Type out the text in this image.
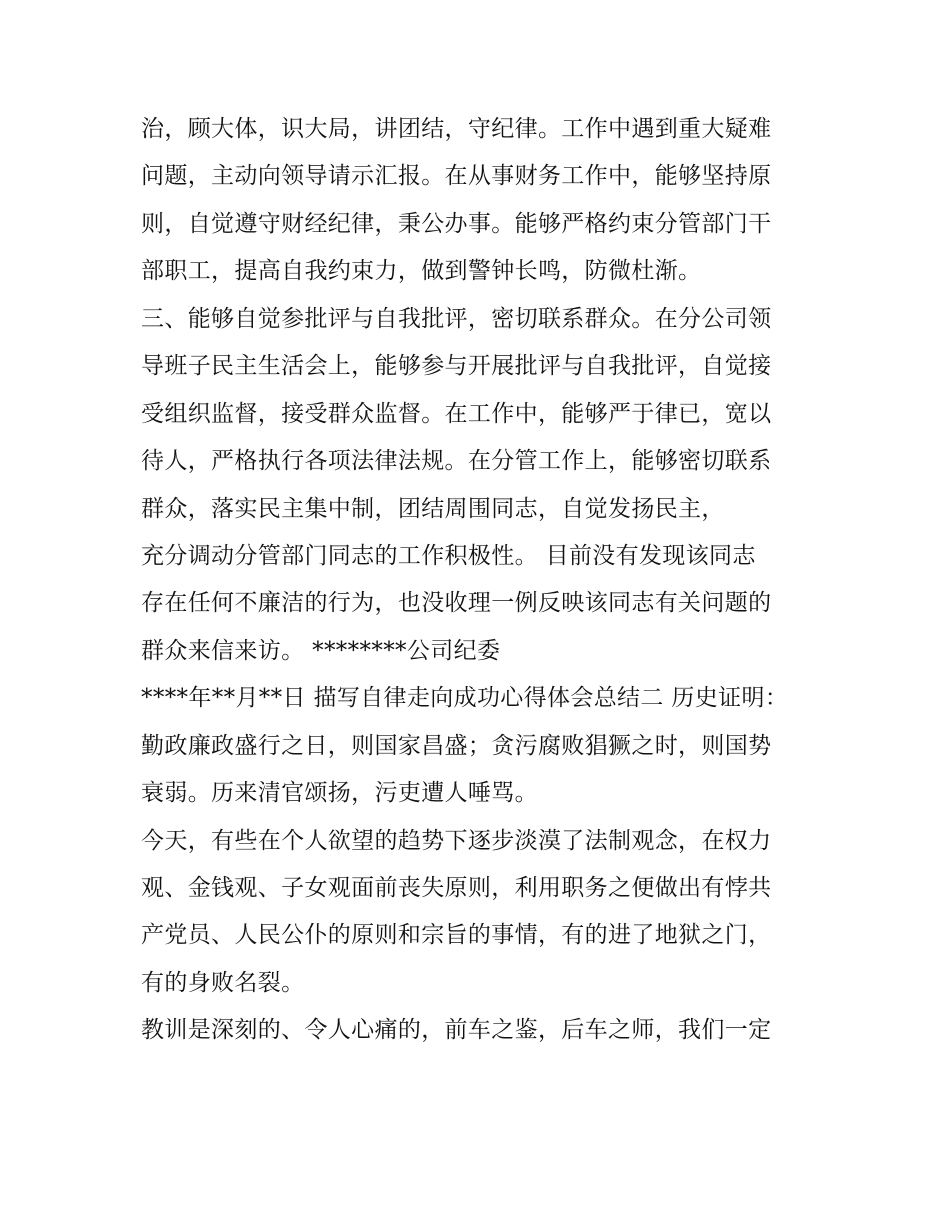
治，顾大体，识大局，讲团结，守纪律。工作中遇到重大疑难
问题，主动向领导请示汇报。在从事财务工作中，能够坚持原
则，自觉遵守财经纪律，秉公办事。能够严格约束分管部门干
部职工，提高自我约束力，做到警钟长鸣，防微杜渐。
三、能够自觉参批评与自我批评，密切联系群众。在分公司领
导班子民主生活会上，能够参与开展批评与自我批评，自觉接
受组织监督，接受群众监督。在工作中，能够严于律已，宽以
待人，严格执行各项法律法规。在分管工作上，能够密切联系
群众，落实民主集中制，团结周围同志，自觉发扬民主，
充分调动分管部门同志的工作积极性。 目前没有发现该同志
存在任何不廉洁的行为，也没收理一例反映该同志有关问题的
群众来信来访。 ********公司纪委
****年**月**日 描写自律走向成功心得体会总结二 历史证明：
勤政廉政盛行之日，则国家昌盛；贪污腐败猖獗之时，则国势
衰弱。历来清官颂扬，污吏遭人唾骂。
今天，有些在个人欲望的趋势下逐步淡漠了法制观念，在权力
观、金钱观、子女观面前丧失原则，利用职务之便做出有悖共
产党员、人民公仆的原则和宗旨的事情，有的进了地狱之门，
有的身败名裂。
教训是深刻的、令人心痛的，前车之鉴，后车之师，我们一定
